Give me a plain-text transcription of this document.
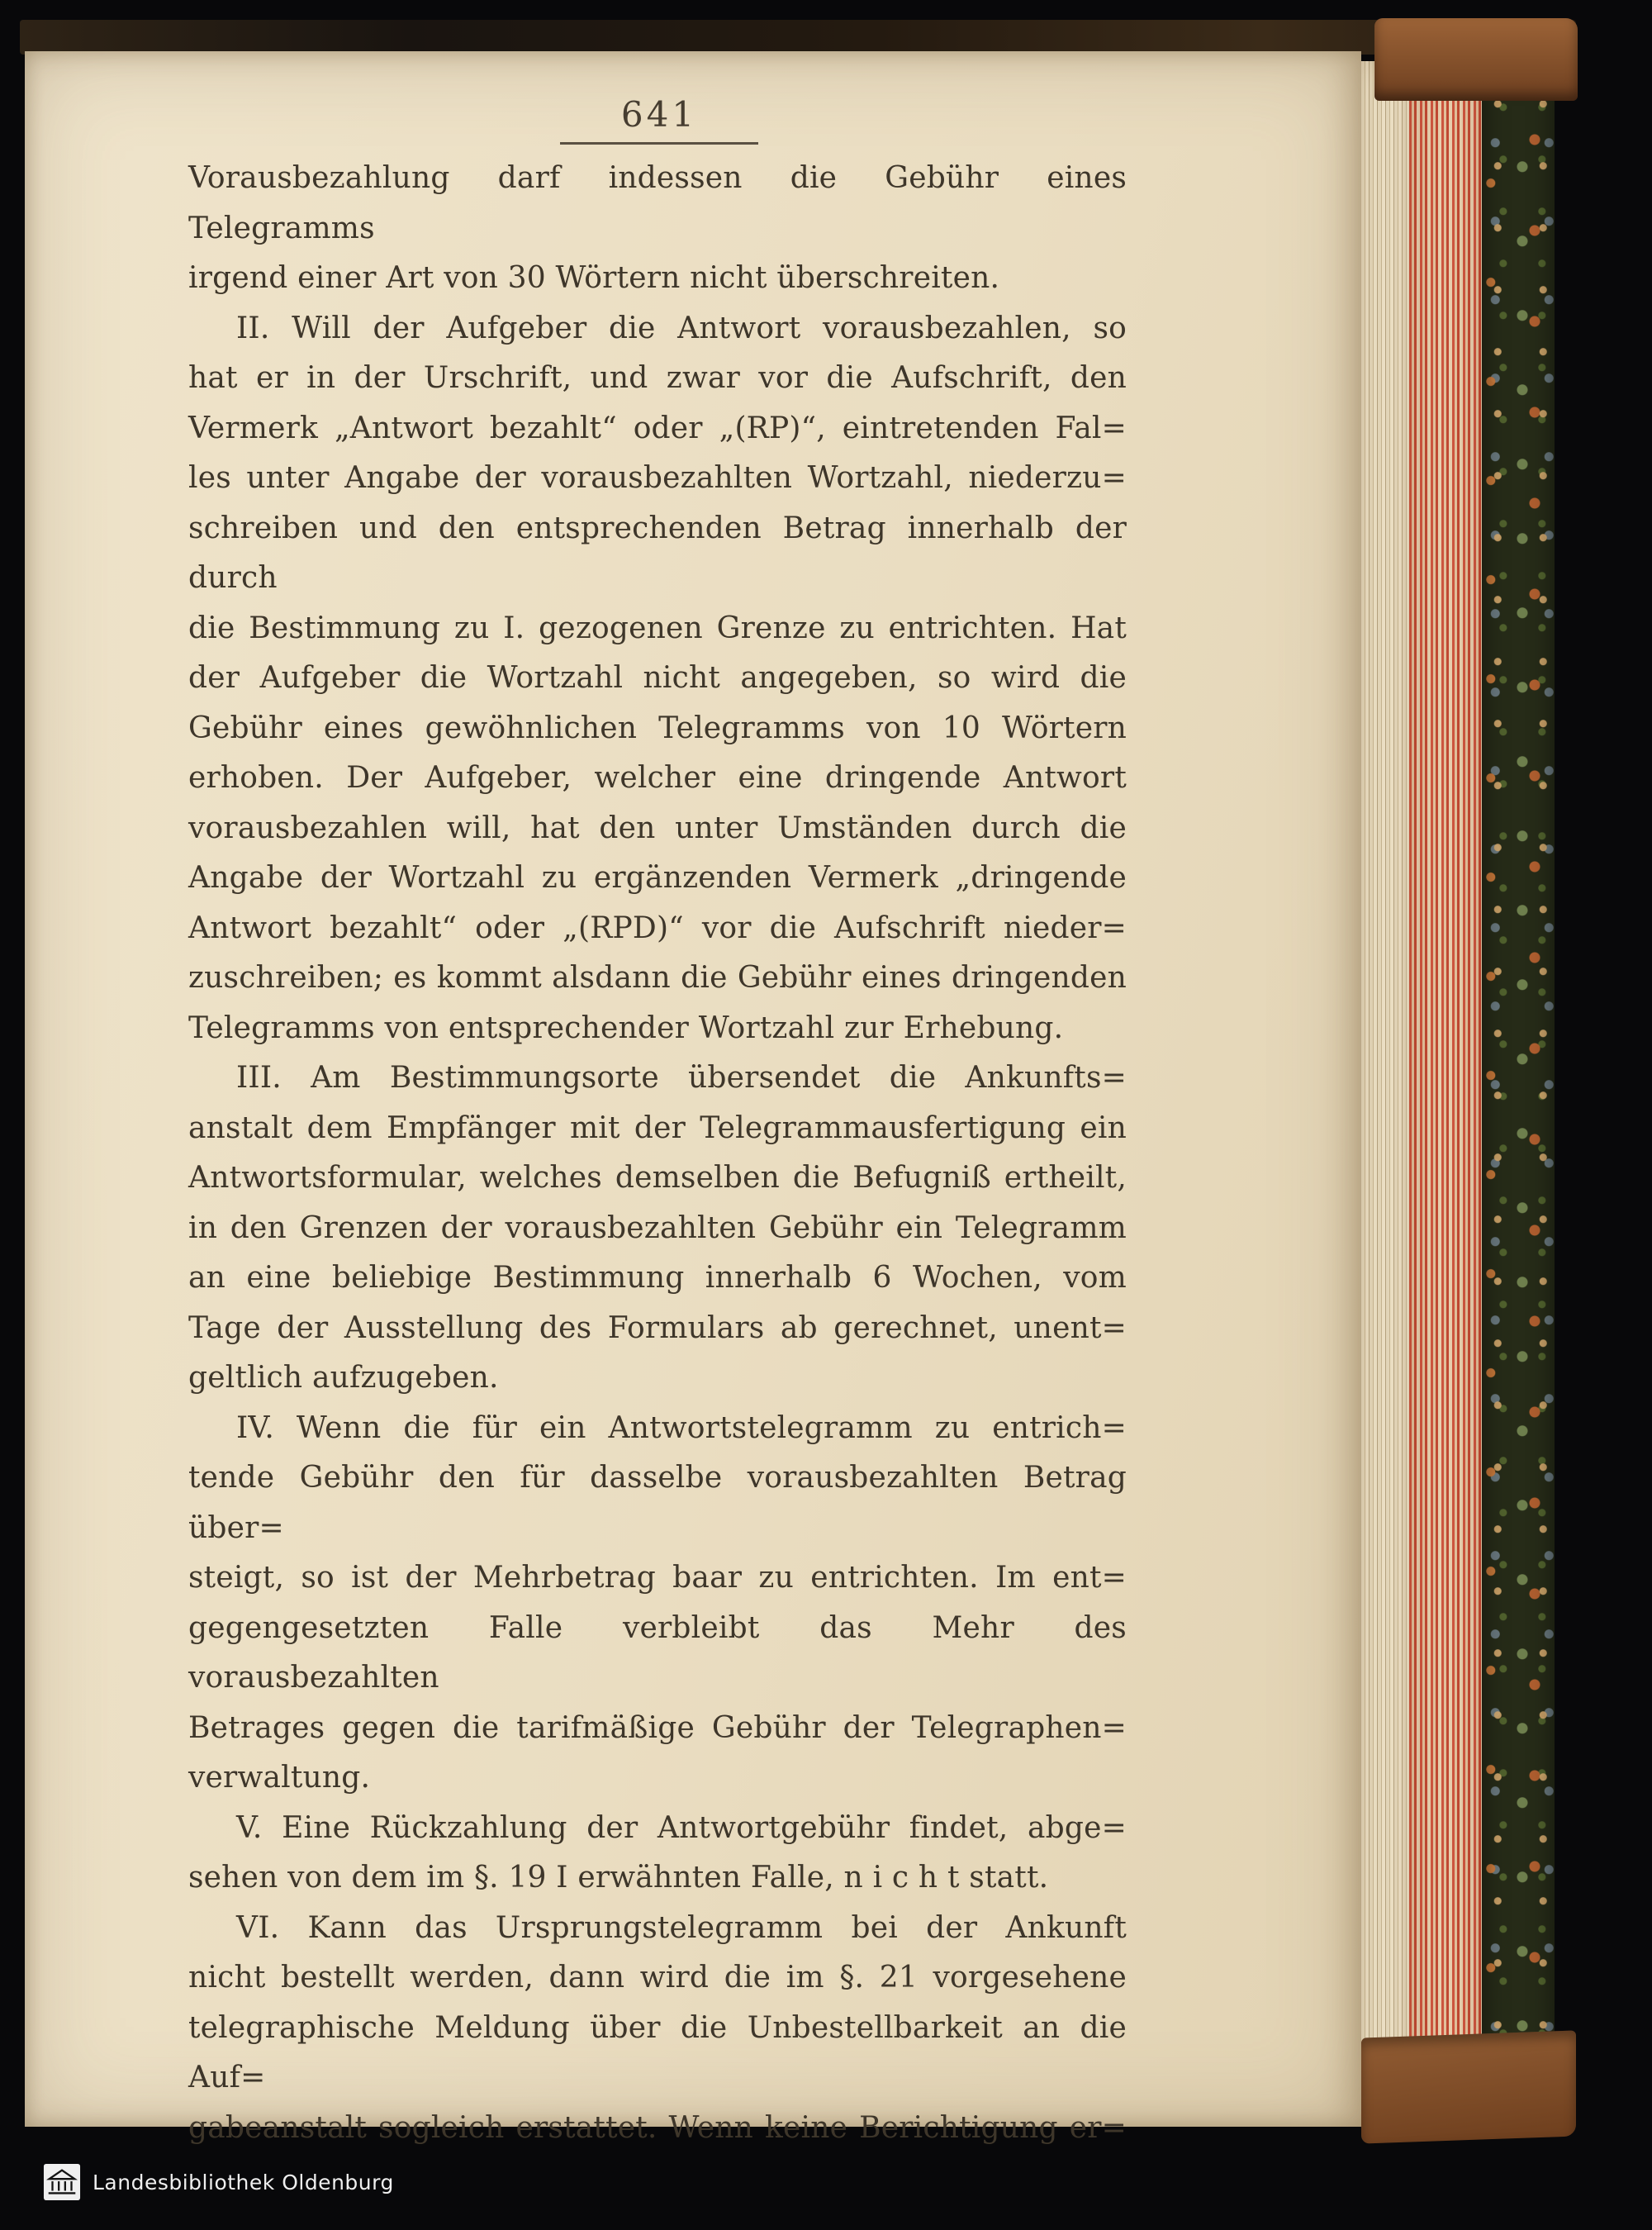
641
Vorausbezahlung darf indessen die Gebühr eines Telegramms
irgend einer Art von 30 Wörtern nicht überschreiten.
II. Will der Aufgeber die Antwort vorausbezahlen, so
hat er in der Urschrift, und zwar vor die Aufschrift, den
Vermerk „Antwort bezahlt“ oder „(RP)“, eintretenden Fal=
les unter Angabe der vorausbezahlten Wortzahl, niederzu=
schreiben und den entsprechenden Betrag innerhalb der durch
die Bestimmung zu I. gezogenen Grenze zu entrichten. Hat
der Aufgeber die Wortzahl nicht angegeben, so wird die
Gebühr eines gewöhnlichen Telegramms von 10 Wörtern
erhoben. Der Aufgeber, welcher eine dringende Antwort
vorausbezahlen will, hat den unter Umständen durch die
Angabe der Wortzahl zu ergänzenden Vermerk „dringende
Antwort bezahlt“ oder „(RPD)“ vor die Aufschrift nieder=
zuschreiben; es kommt alsdann die Gebühr eines dringenden
Telegramms von entsprechender Wortzahl zur Erhebung.
III. Am Bestimmungsorte übersendet die Ankunfts=
anstalt dem Empfänger mit der Telegrammausfertigung ein
Antwortsformular, welches demselben die Befugniß ertheilt,
in den Grenzen der vorausbezahlten Gebühr ein Telegramm
an eine beliebige Bestimmung innerhalb 6 Wochen, vom
Tage der Ausstellung des Formulars ab gerechnet, unent=
geltlich aufzugeben.
IV. Wenn die für ein Antwortstelegramm zu entrich=
tende Gebühr den für dasselbe vorausbezahlten Betrag über=
steigt, so ist der Mehrbetrag baar zu entrichten. Im ent=
gegengesetzten Falle verbleibt das Mehr des vorausbezahlten
Betrages gegen die tarifmäßige Gebühr der Telegraphen=
verwaltung.
V. Eine Rückzahlung der Antwortgebühr findet, abge=
sehen von dem im §. 19 I erwähnten Falle, n i c h t statt.
VI. Kann das Ursprungstelegramm bei der Ankunft
nicht bestellt werden, dann wird die im §. 21 vorgesehene
telegraphische Meldung über die Unbestellbarkeit an die Auf=
gabeanstalt sogleich erstattet. Wenn keine Berichtigung er=
Landesbibliothek Oldenburg
